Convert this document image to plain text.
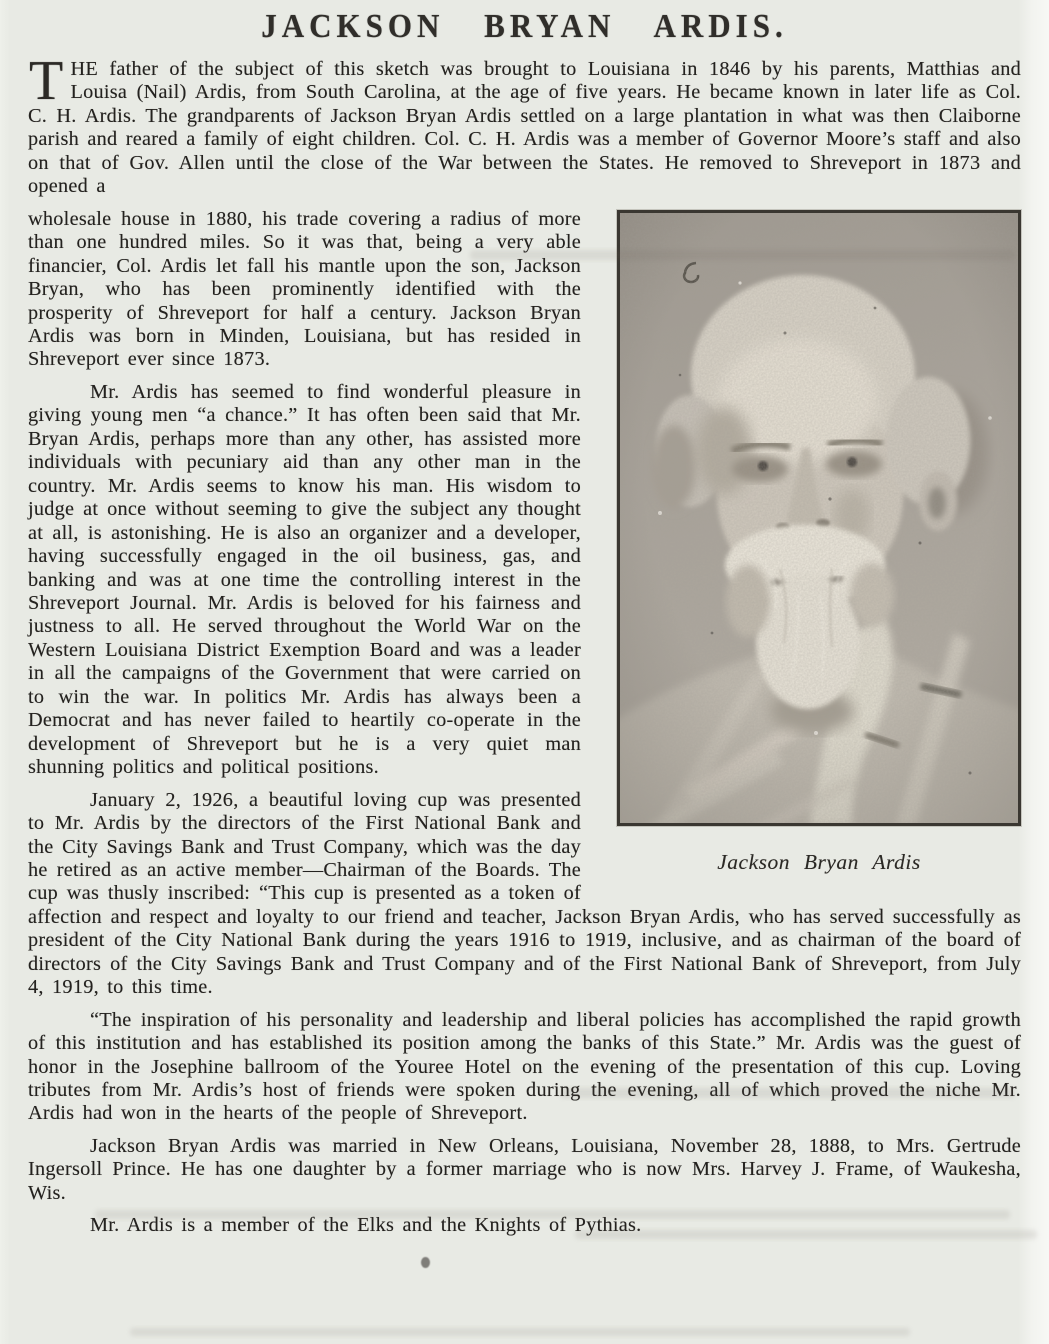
JACKSON BRYAN ARDIS.

THE father of the subject of this sketch was brought to Louisiana in 1846 by his parents, Matthias and Louisa (Nail) Ardis, from South Carolina, at the age of five years. He became known in later life as Col. C. H. Ardis. The grandparents of Jackson Bryan Ardis settled on a large plantation in what was then Claiborne parish and reared a family of eight children. Col. C. H. Ardis was a member of Governor Moore’s staff and also on that of Gov. Allen until the close of the War between the States. He removed to Shreveport in 1873 and opened a

Jackson Bryan Ardis

wholesale house in 1880, his trade covering a radius of more than one hundred miles. So it was that, being a very able financier, Col. Ardis let fall his mantle upon the son, Jackson Bryan, who has been prominently identified with the prosperity of Shreveport for half a century. Jackson Bryan Ardis was born in Minden, Louisiana, but has resided in Shreveport ever since 1873.

Mr. Ardis has seemed to find wonderful pleasure in giving young men “a chance.” It has often been said that Mr. Bryan Ardis, perhaps more than any other, has assisted more individuals with pecuniary aid than any other man in the country. Mr. Ardis seems to know his man. His wisdom to judge at once without seeming to give the subject any thought at all, is astonishing. He is also an organizer and a developer, having successfully engaged in the oil business, gas, and banking and was at one time the controlling interest in the Shreveport Journal. Mr. Ardis is beloved for his fairness and justness to all. He served throughout the World War on the Western Louisiana District Exemption Board and was a leader in all the campaigns of the Government that were carried on to win the war. In politics Mr. Ardis has always been a Democrat and has never failed to heartily co-operate in the development of Shreveport but he is a very quiet man shunning politics and political positions.

January 2, 1926, a beautiful loving cup was presented to Mr. Ardis by the directors of the First National Bank and the City Savings Bank and Trust Company, which was the day he retired as an active member—Chairman of the Boards. The cup was thusly inscribed: “This cup is presented as a token of affection and respect and loyalty to our friend and teacher, Jackson Bryan Ardis, who has served successfully as president of the City National Bank during the years 1916 to 1919, inclusive, and as chairman of the board of directors of the City Savings Bank and Trust Company and of the First National Bank of Shreveport, from July 4, 1919, to this time.

“The inspiration of his personality and leadership and liberal policies has accomplished the rapid growth of this institution and has established its position among the banks of this State.” Mr. Ardis was the guest of honor in the Josephine ballroom of the Youree Hotel on the evening of the presentation of this cup. Loving tributes from Mr. Ardis’s host of friends were spoken during the evening, all of which proved the niche Mr. Ardis had won in the hearts of the people of Shreveport.

Jackson Bryan Ardis was married in New Orleans, Louisiana, November 28, 1888, to Mrs. Gertrude Ingersoll Prince. He has one daughter by a former marriage who is now Mrs. Harvey J. Frame, of Waukesha, Wis.

Mr. Ardis is a member of the Elks and the Knights of Pythias.
